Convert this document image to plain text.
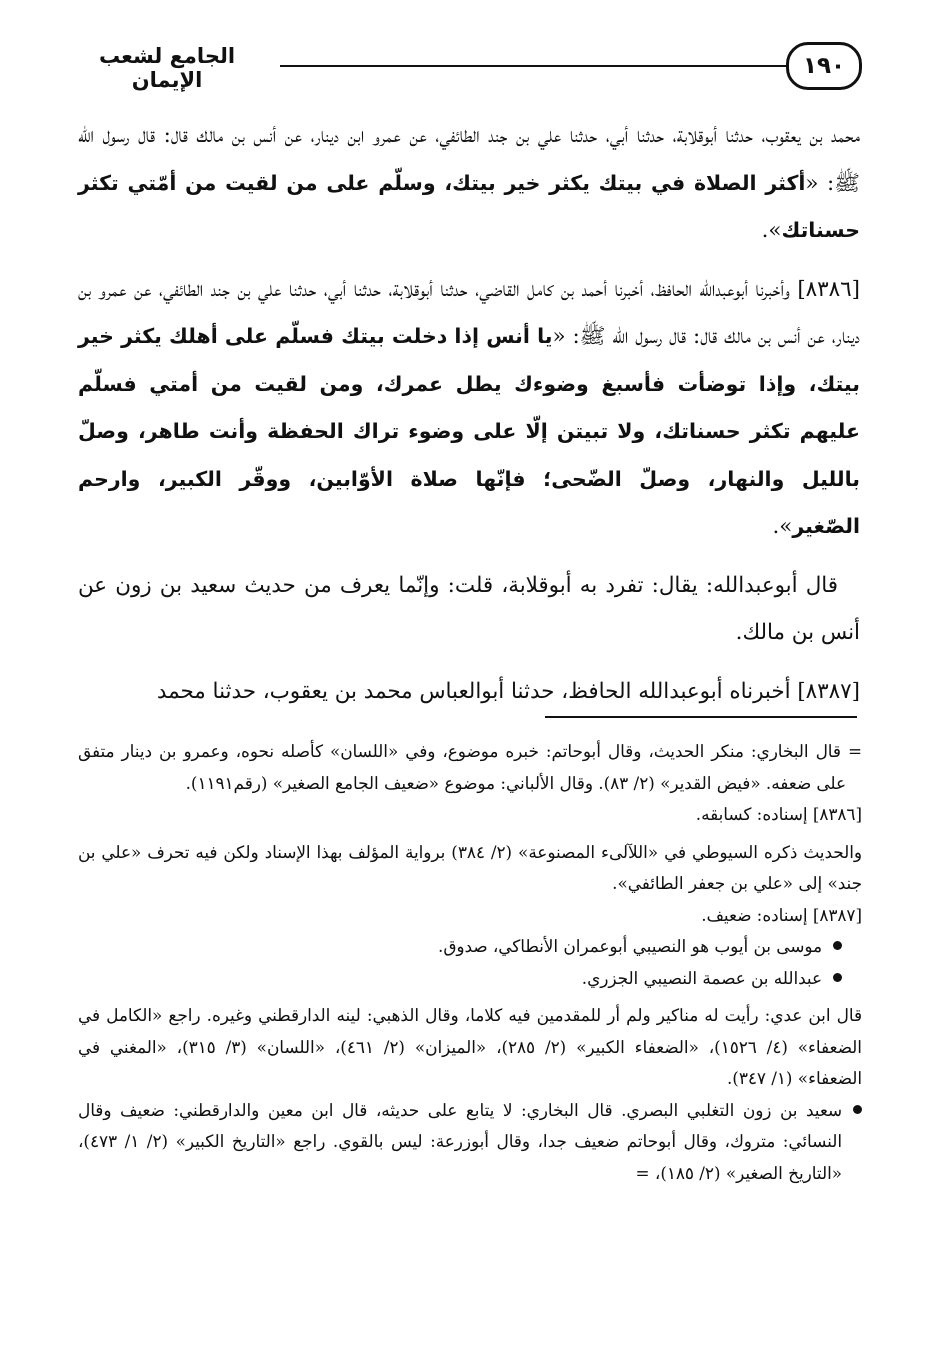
١٩٠
الجامع لشعب الإيمان

محمد بن يعقوب، حدثنا أبوقلابة، حدثنا أبي، حدثنا علي بن جند الطائفي، عن عمرو ابن دينار، عن أنس بن مالك قال: قال رسول الله ﷺ: «أكثر الصلاة في بيتك يكثر خير بيتك، وسلّم على من لقيت من أمّتي تكثر حسناتك».

[٨٣٨٦] وأخبرنا أبوعبدالله الحافظ، أخبرنا أحمد بن كامل القاضي، حدثنا أبوقلابة، حدثنا أبي، حدثنا علي بن جند الطائفي، عن عمرو بن دينار، عن أنس بن مالك قال: قال رسول الله ﷺ: «يا أنس إذا دخلت بيتك فسلّم على أهلك يكثر خير بيتك، وإذا توضأت فأسبغ وضوءك يطل عمرك، ومن لقيت من أمتي فسلّم عليهم تكثر حسناتك، ولا تبيتن إلّا على وضوء تراك الحفظة وأنت طاهر، وصلّ بالليل والنهار، وصلّ الضّحى؛ فإنّها صلاة الأوّابين، ووقّر الكبير، وارحم الصّغير».

قال أبوعبدالله: يقال: تفرد به أبوقلابة، قلت: وإنّما يعرف من حديث سعيد بن زون عن أنس بن مالك.

[٨٣٨٧] أخبرناه أبوعبدالله الحافظ، حدثنا أبوالعباس محمد بن يعقوب، حدثنا محمد

= قال البخاري: منكر الحديث، وقال أبوحاتم: خبره موضوع، وفي «اللسان» كأصله نحوه، وعمرو بن دينار متفق على ضعفه. «فيض القدير» (٢/ ٨٣). وقال الألباني: موضوع «ضعيف الجامع الصغير» (رقم١١٩١).

[٨٣٨٦] إسناده: كسابقه.

والحديث ذكره السيوطي في «اللآلىء المصنوعة» (٢/ ٣٨٤) برواية المؤلف بهذا الإسناد ولكن فيه تحرف «علي بن جند» إلى «علي بن جعفر الطائفي».

[٨٣٨٧] إسناده: ضعيف.

موسى بن أيوب هو النصيبي أبوعمران الأنطاكي، صدوق.
عبدالله بن عصمة النصيبي الجزري.

قال ابن عدي: رأيت له مناكير ولم أر للمقدمين فيه كلاما، وقال الذهبي: لينه الدارقطني وغيره. راجع «الكامل في الضعفاء» (٤/ ١٥٢٦)، «الضعفاء الكبير» (٢/ ٢٨٥)، «الميزان» (٢/ ٤٦١)، «اللسان» (٣/ ٣١٥)، «المغني في الضعفاء» (١/ ٣٤٧).

سعيد بن زون التغلبي البصري. قال البخاري: لا يتابع على حديثه، قال ابن معين والدارقطني: ضعيف وقال النسائي: متروك، وقال أبوحاتم ضعيف جدا، وقال أبوزرعة: ليس بالقوي. راجع «التاريخ الكبير» (٢/ ١/ ٤٧٣)، «التاريخ الصغير» (٢/ ١٨٥)، =
